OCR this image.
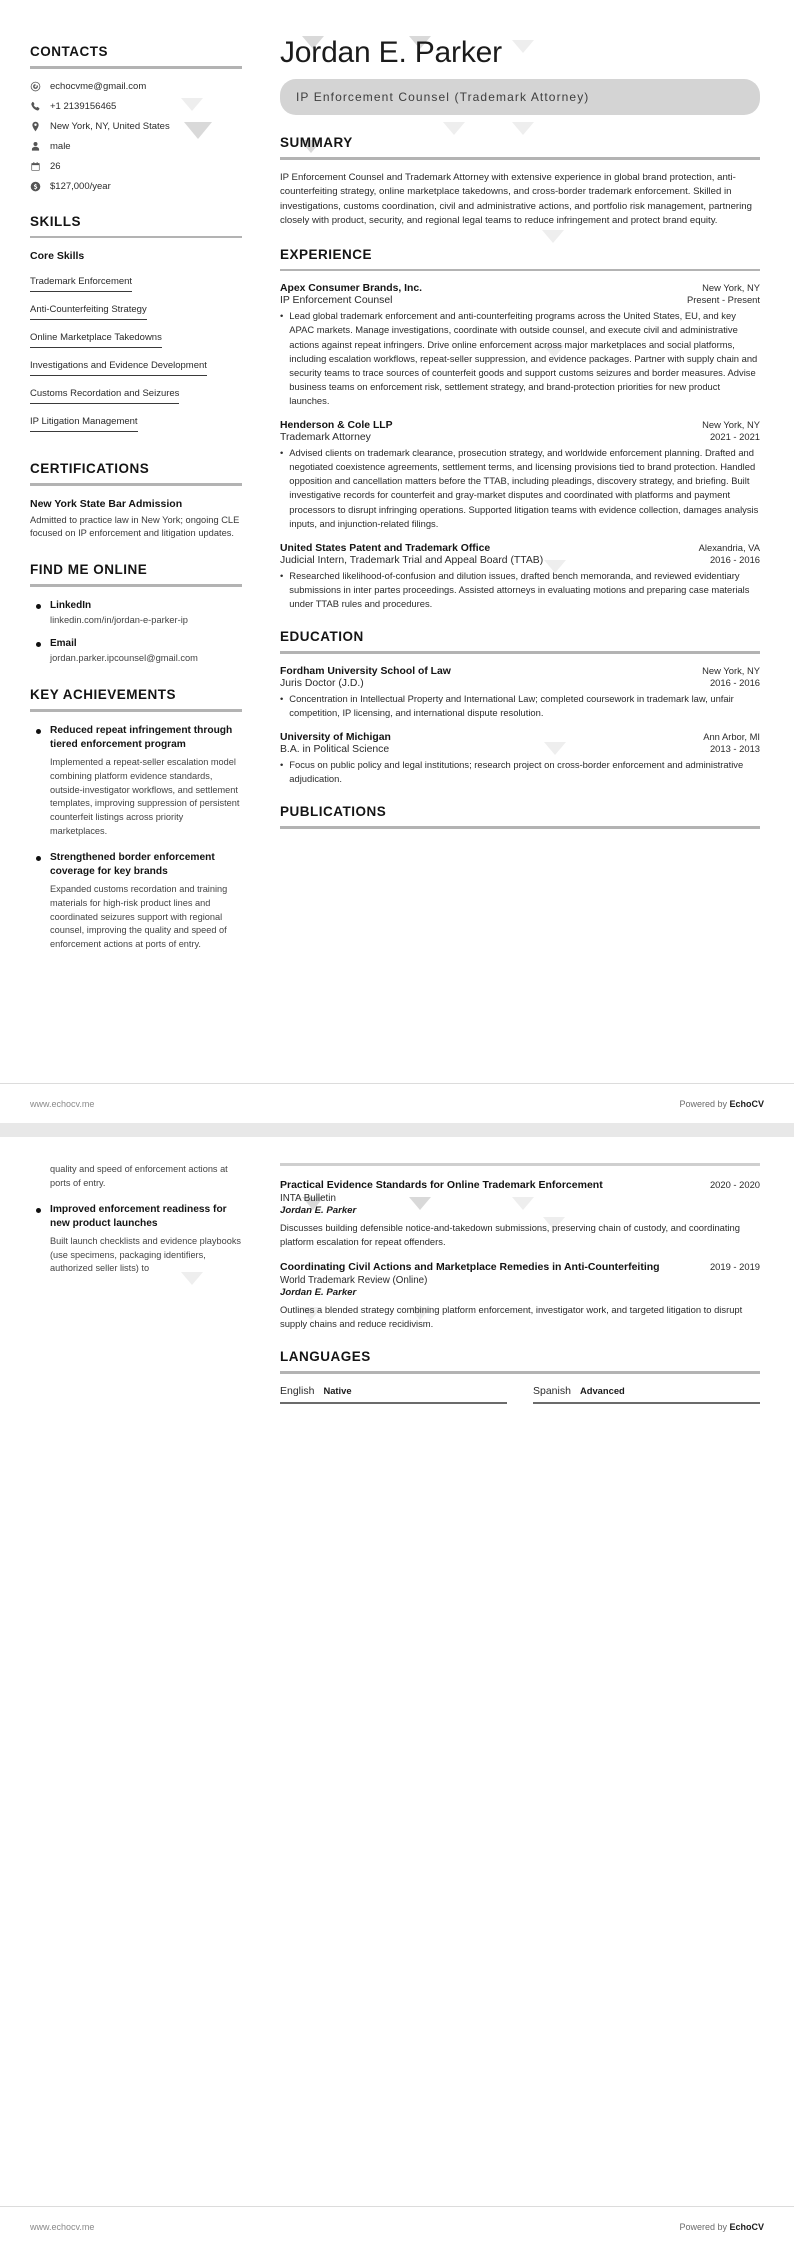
CONTACTS
echocvme@gmail.com
+1 2139156465
New York, NY, United States
male
26
$127,000/year
SKILLS
Core Skills
Trademark Enforcement
Anti-Counterfeiting Strategy
Online Marketplace Takedowns
Investigations and Evidence Development
Customs Recordation and Seizures
IP Litigation Management
CERTIFICATIONS
New York State Bar Admission
Admitted to practice law in New York; ongoing CLE focused on IP enforcement and litigation updates.
FIND ME ONLINE
LinkedIn
linkedin.com/in/jordan-e-parker-ip
Email
jordan.parker.ipcounsel@gmail.com
KEY ACHIEVEMENTS
Reduced repeat infringement through tiered enforcement program
Implemented a repeat-seller escalation model combining platform evidence standards, outside-investigator workflows, and settlement templates, improving suppression of persistent counterfeit listings across priority marketplaces.
Strengthened border enforcement coverage for key brands
Expanded customs recordation and training materials for high-risk product lines and coordinated seizures support with regional counsel, improving the quality and speed of enforcement actions at ports of entry.
Jordan E. Parker
IP Enforcement Counsel (Trademark Attorney)
SUMMARY
IP Enforcement Counsel and Trademark Attorney with extensive experience in global brand protection, anti-counterfeiting strategy, online marketplace takedowns, and cross-border trademark enforcement. Skilled in investigations, customs coordination, civil and administrative actions, and portfolio risk management, partnering closely with product, security, and regional legal teams to reduce infringement and protect brand equity.
EXPERIENCE
Apex Consumer Brands, Inc.	New York, NY
IP Enforcement Counsel	Present - Present
• Lead global trademark enforcement and anti-counterfeiting programs across the United States, EU, and key APAC markets. Manage investigations, coordinate with outside counsel, and execute civil and administrative actions against repeat infringers. Drive online enforcement across major marketplaces and social platforms, including escalation workflows, repeat-seller suppression, and evidence packages. Partner with supply chain and security teams to trace sources of counterfeit goods and support customs seizures and border measures. Advise business teams on enforcement risk, settlement strategy, and brand-protection priorities for new product launches.
Henderson & Cole LLP	New York, NY
Trademark Attorney	2021 - 2021
• Advised clients on trademark clearance, prosecution strategy, and worldwide enforcement planning. Drafted and negotiated coexistence agreements, settlement terms, and licensing provisions tied to brand protection. Handled opposition and cancellation matters before the TTAB, including pleadings, discovery strategy, and briefing. Built investigative records for counterfeit and gray-market disputes and coordinated with platforms and payment processors to disrupt infringing operations. Supported litigation teams with evidence collection, damages analysis inputs, and injunction-related filings.
United States Patent and Trademark Office	Alexandria, VA
Judicial Intern, Trademark Trial and Appeal Board (TTAB)	2016 - 2016
• Researched likelihood-of-confusion and dilution issues, drafted bench memoranda, and reviewed evidentiary submissions in inter partes proceedings. Assisted attorneys in evaluating motions and preparing case materials under TTAB rules and procedures.
EDUCATION
Fordham University School of Law	New York, NY
Juris Doctor (J.D.)	2016 - 2016
• Concentration in Intellectual Property and International Law; completed coursework in trademark law, unfair competition, IP licensing, and international dispute resolution.
University of Michigan	Ann Arbor, MI
B.A. in Political Science	2013 - 2013
• Focus on public policy and legal institutions; research project on cross-border enforcement and administrative adjudication.
PUBLICATIONS
www.echocv.me	Powered by EchoCV
quality and speed of enforcement actions at ports of entry.
Improved enforcement readiness for new product launches
Built launch checklists and evidence playbooks (use specimens, packaging identifiers, authorized seller lists) to
Practical Evidence Standards for Online Trademark Enforcement	2020 - 2020
INTA Bulletin
Jordan E. Parker
Discusses building defensible notice-and-takedown submissions, preserving chain of custody, and coordinating platform escalation for repeat offenders.
Coordinating Civil Actions and Marketplace Remedies in Anti-Counterfeiting	2019 - 2019
World Trademark Review (Online)
Jordan E. Parker
Outlines a blended strategy combining platform enforcement, investigator work, and targeted litigation to disrupt supply chains and reduce recidivism.
LANGUAGES
English Native	Spanish Advanced
www.echocv.me	Powered by EchoCV
